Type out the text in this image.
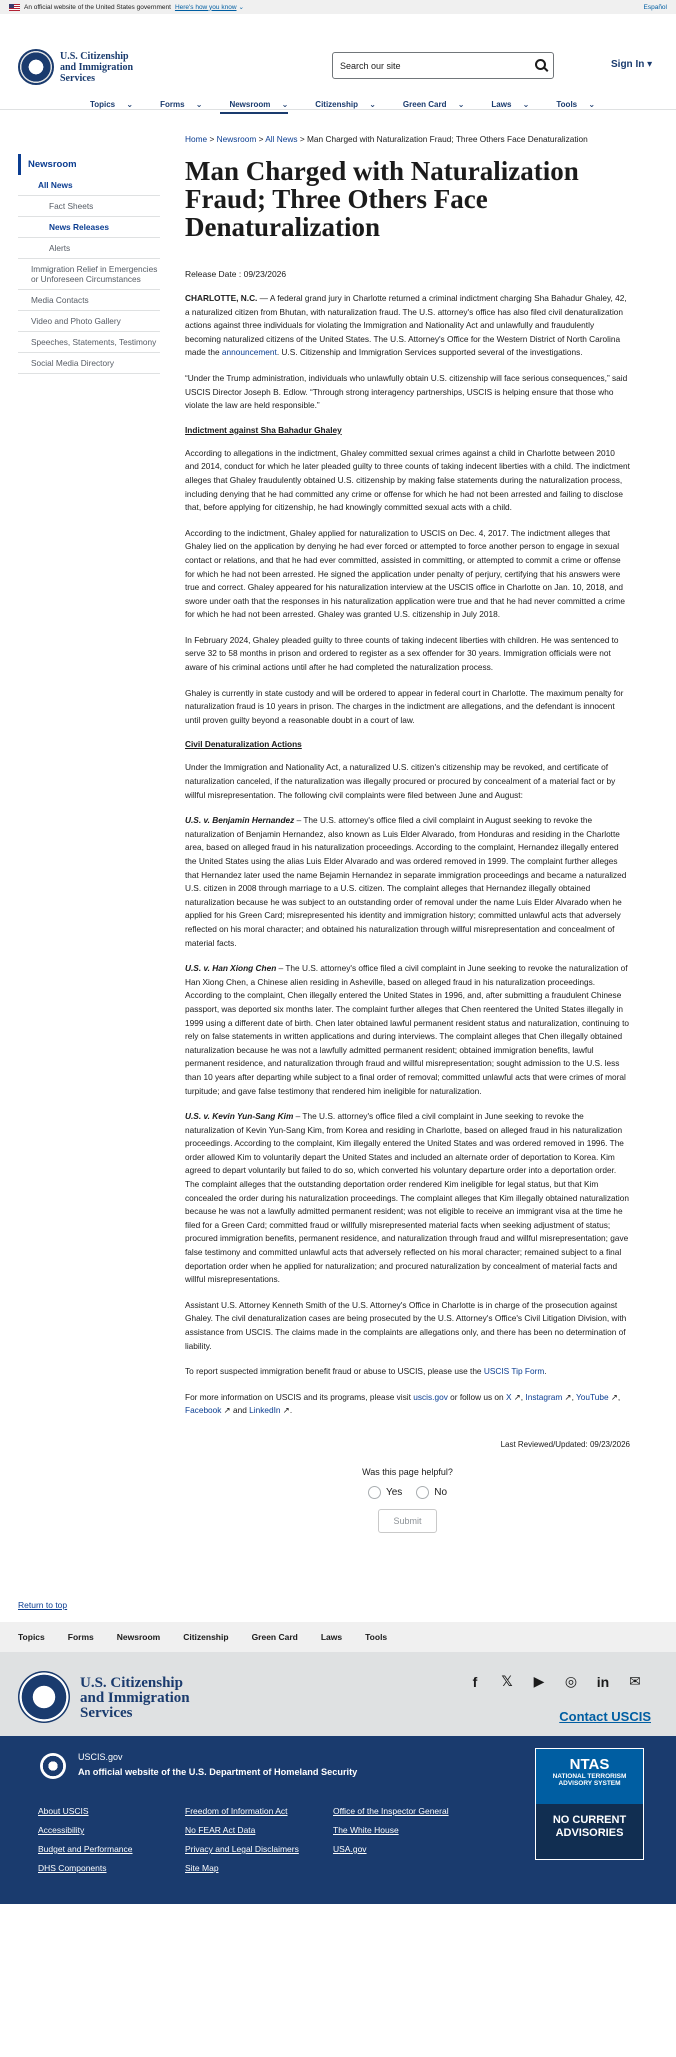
An official website of the United States government Here's how you know ⌄	Español
U.S. Citizenship
and Immigration
Services
Search our site	Sign In ▾
Topics ⌄	Forms ⌄	Newsroom ⌄	Citizenship ⌄	Green Card ⌄	Laws ⌄	Tools ⌄
Newsroom
All News
Fact Sheets
News Releases
Alerts
Immigration Relief in Emergencies or Unforeseen Circumstances
Media Contacts
Video and Photo Gallery
Speeches, Statements, Testimony
Social Media Directory
Home > Newsroom > All News > Man Charged with Naturalization Fraud; Three Others Face Denaturalization
Man Charged with Naturalization Fraud; Three Others Face Denaturalization
Release Date : 09/23/2026

CHARLOTTE, N.C. — A federal grand jury in Charlotte returned a criminal indictment charging Sha Bahadur Ghaley, 42, a naturalized citizen from Bhutan, with naturalization fraud. The U.S. attorney's office has also filed civil denaturalization actions against three individuals for violating the Immigration and Nationality Act and unlawfully and fraudulently becoming naturalized citizens of the United States. The U.S. Attorney's Office for the Western District of North Carolina made the announcement. U.S. Citizenship and Immigration Services supported several of the investigations.

“Under the Trump administration, individuals who unlawfully obtain U.S. citizenship will face serious consequences,” said USCIS Director Joseph B. Edlow. “Through strong interagency partnerships, USCIS is helping ensure that those who violate the law are held responsible.”

Indictment against Sha Bahadur Ghaley

According to allegations in the indictment, Ghaley committed sexual crimes against a child in Charlotte between 2010 and 2014, conduct for which he later pleaded guilty to three counts of taking indecent liberties with a child. The indictment alleges that Ghaley fraudulently obtained U.S. citizenship by making false statements during the naturalization process, including denying that he had committed any crime or offense for which he had not been arrested and failing to disclose that, before applying for citizenship, he had knowingly committed sexual acts with a child.

According to the indictment, Ghaley applied for naturalization to USCIS on Dec. 4, 2017. The indictment alleges that Ghaley lied on the application by denying he had ever forced or attempted to force another person to engage in sexual contact or relations, and that he had ever committed, assisted in committing, or attempted to commit a crime or offense for which he had not been arrested. He signed the application under penalty of perjury, certifying that his answers were true and correct. Ghaley appeared for his naturalization interview at the USCIS office in Charlotte on Jan. 10, 2018, and swore under oath that the responses in his naturalization application were true and that he had never committed a crime for which he had not been arrested. Ghaley was granted U.S. citizenship in July 2018.

In February 2024, Ghaley pleaded guilty to three counts of taking indecent liberties with children. He was sentenced to serve 32 to 58 months in prison and ordered to register as a sex offender for 30 years. Immigration officials were not aware of his criminal actions until after he had completed the naturalization process.

Ghaley is currently in state custody and will be ordered to appear in federal court in Charlotte. The maximum penalty for naturalization fraud is 10 years in prison. The charges in the indictment are allegations, and the defendant is innocent until proven guilty beyond a reasonable doubt in a court of law.

Civil Denaturalization Actions

Under the Immigration and Nationality Act, a naturalized U.S. citizen's citizenship may be revoked, and certificate of naturalization canceled, if the naturalization was illegally procured or procured by concealment of a material fact or by willful misrepresentation. The following civil complaints were filed between June and August:

U.S. v. Benjamin Hernandez – The U.S. attorney's office filed a civil complaint in August seeking to revoke the naturalization of Benjamin Hernandez, also known as Luis Elder Alvarado, from Honduras and residing in the Charlotte area, based on alleged fraud in his naturalization proceedings. According to the complaint, Hernandez illegally entered the United States using the alias Luis Elder Alvarado and was ordered removed in 1999. The complaint further alleges that Hernandez later used the name Bejamin Hernandez in separate immigration proceedings and became a naturalized U.S. citizen in 2008 through marriage to a U.S. citizen. The complaint alleges that Hernandez illegally obtained naturalization because he was subject to an outstanding order of removal under the name Luis Elder Alvarado when he applied for his Green Card; misrepresented his identity and immigration history; committed unlawful acts that adversely reflected on his moral character; and obtained his naturalization through willful misrepresentation and concealment of material facts.

U.S. v. Han Xiong Chen – The U.S. attorney's office filed a civil complaint in June seeking to revoke the naturalization of Han Xiong Chen, a Chinese alien residing in Asheville, based on alleged fraud in his naturalization proceedings. According to the complaint, Chen illegally entered the United States in 1996, and, after submitting a fraudulent Chinese passport, was deported six months later. The complaint further alleges that Chen reentered the United States illegally in 1999 using a different date of birth. Chen later obtained lawful permanent resident status and naturalization, continuing to rely on false statements in written applications and during interviews. The complaint alleges that Chen illegally obtained naturalization because he was not a lawfully admitted permanent resident; obtained immigration benefits, lawful permanent residence, and naturalization through fraud and willful misrepresentation; sought admission to the U.S. less than 10 years after departing while subject to a final order of removal; committed unlawful acts that were crimes of moral turpitude; and gave false testimony that rendered him ineligible for naturalization.

U.S. v. Kevin Yun-Sang Kim – The U.S. attorney's office filed a civil complaint in June seeking to revoke the naturalization of Kevin Yun-Sang Kim, from Korea and residing in Charlotte, based on alleged fraud in his naturalization proceedings. According to the complaint, Kim illegally entered the United States and was ordered removed in 1996. The order allowed Kim to voluntarily depart the United States and included an alternate order of deportation to Korea. Kim agreed to depart voluntarily but failed to do so, which converted his voluntary departure order into a deportation order. The complaint alleges that the outstanding deportation order rendered Kim ineligible for legal status, but that Kim concealed the order during his naturalization proceedings. The complaint alleges that Kim illegally obtained naturalization because he was not a lawfully admitted permanent resident; was not eligible to receive an immigrant visa at the time he filed for a Green Card; committed fraud or willfully misrepresented material facts when seeking adjustment of status; procured immigration benefits, permanent residence, and naturalization through fraud and willful misrepresentation; gave false testimony and committed unlawful acts that adversely reflected on his moral character; remained subject to a final deportation order when he applied for naturalization; and procured naturalization by concealment of material facts and willful misrepresentations.

Assistant U.S. Attorney Kenneth Smith of the U.S. Attorney's Office in Charlotte is in charge of the prosecution against Ghaley. The civil denaturalization cases are being prosecuted by the U.S. Attorney's Office's Civil Litigation Division, with assistance from USCIS. The claims made in the complaints are allegations only, and there has been no determination of liability.

To report suspected immigration benefit fraud or abuse to USCIS, please use the USCIS Tip Form.

For more information on USCIS and its programs, please visit uscis.gov or follow us on X ↗, Instagram ↗, YouTube ↗, Facebook ↗ and LinkedIn ↗.

Last Reviewed/Updated: 09/23/2026
Was this page helpful?
Yes	No
Submit
Return to top
Topics	Forms	Newsroom	Citizenship	Green Card	Laws	Tools
U.S. Citizenship
and Immigration
Services
f	𝕏	▶	◎	in	✉
Contact USCIS
USCIS.gov
An official website of the U.S. Department of Homeland Security
About USCIS
Accessibility
Budget and Performance
DHS Components
Freedom of Information Act
No FEAR Act Data
Privacy and Legal Disclaimers
Site Map
Office of the Inspector General
The White House
USA.gov
NTAS
NATIONAL TERRORISM
ADVISORY SYSTEM
NO CURRENT
ADVISORIES
